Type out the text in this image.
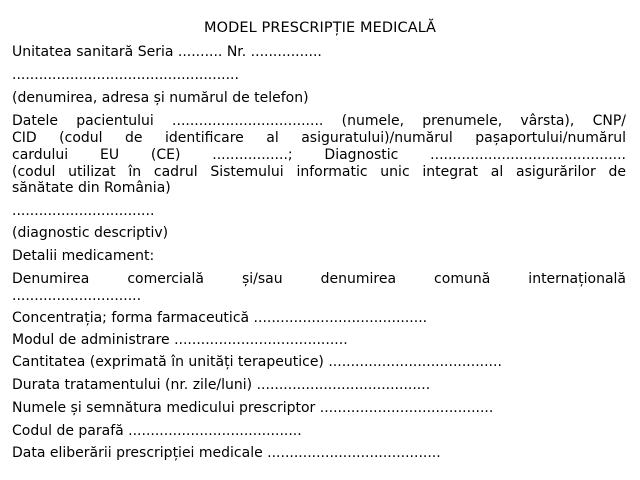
MODEL PRESCRIPȚIE MEDICALĂ
Unitatea sanitară Seria .......... Nr. ................
...................................................
(denumirea, adresa și numărul de telefon)
Datele pacientului .................................. (numele, prenumele, vârsta), CNP/
CID (codul de identificare al asiguratului)/numărul pașaportului/numărul
cardului EU (CE) .................; Diagnostic ............................................
(codul utilizat în cadrul Sistemului informatic unic integrat al asigurărilor de
sănătate din România)
................................
(diagnostic descriptiv)
Detalii medicament:
Denumirea comercială și/sau denumirea comună internațională
.............................
Concentrația; forma farmaceutică .......................................
Modul de administrare .......................................
Cantitatea (exprimată în unități terapeutice) .......................................
Durata tratamentului (nr. zile/luni) .......................................
Numele și semnătura medicului prescriptor .......................................
Codul de parafă .......................................
Data eliberării prescripției medicale .......................................
